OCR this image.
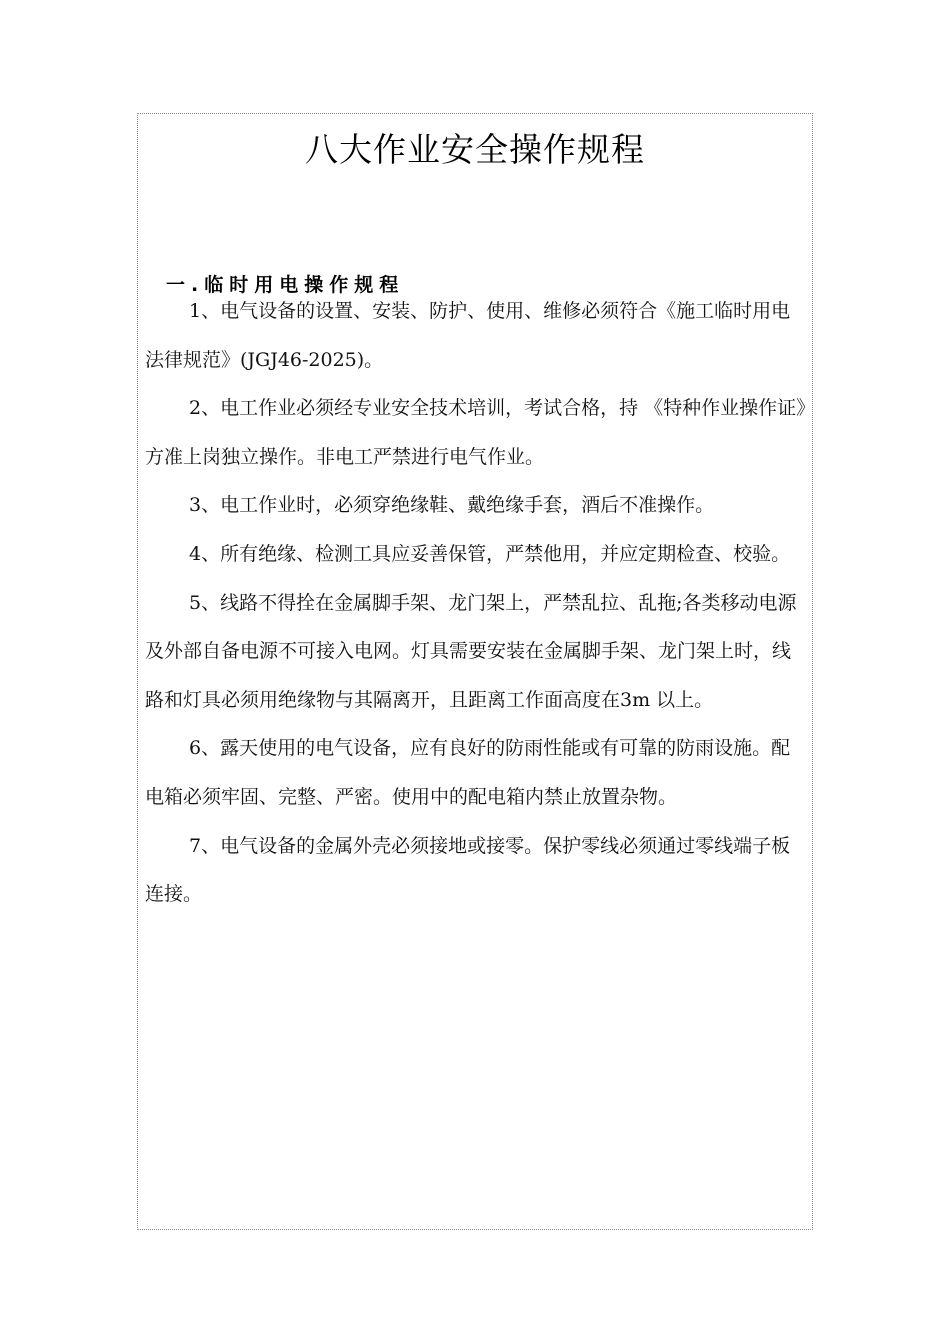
八大作业安全操作规程
一.临时用电操作规程

1、电气设备的设置、安装、防护、使用、维修必须符合《施工临时用电法律规范》(JGJ46-2025)。

2、电工作业必须经专业安全技术培训，考试合格，持 《特种作业操作证》方准上岗独立操作。非电工严禁进行电气作业。

3、电工作业时，必须穿绝缘鞋、戴绝缘手套，酒后不准操作。

4、所有绝缘、检测工具应妥善保管，严禁他用，并应定期检查、校验。

5、线路不得拴在金属脚手架、龙门架上，严禁乱拉、乱拖;各类移动电源及外部自备电源不可接入电网。灯具需要安装在金属脚手架、龙门架上时，线路和灯具必须用绝缘物与其隔离开，且距离工作面高度在3m 以上。

6、露天使用的电气设备，应有良好的防雨性能或有可靠的防雨设施。配电箱必须牢固、完整、严密。使用中的配电箱内禁止放置杂物。

7、电气设备的金属外壳必须接地或接零。保护零线必须通过零线端子板连接。
